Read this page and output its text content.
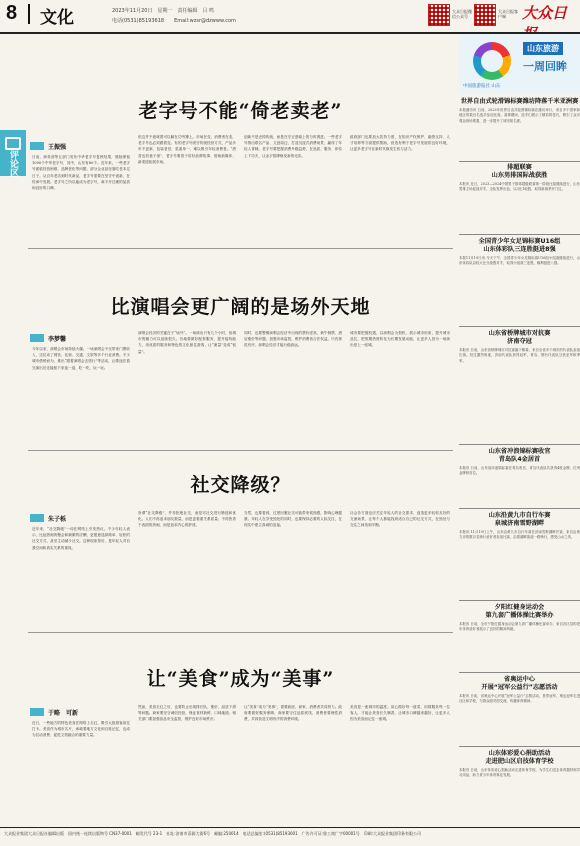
8 文化	2023年11月20日　星期一　责任编辑　吕 鸣
电话(0531)85193618　　Email:wzsr@dzwww.com
大众日报微信公众号
大众日报客户端	大众日
评论区
老字号不能“倚老卖老”
王振强
日前，商务部等五部门发布中华老字号复核结果，继续保留1000个中华老字号，其中，山东有60个。近年来，一些老字号面临经营困难、品牌老化等问题，部分企业甚至靠吃老本过日子。从百年老店到时代新品，老字号需要在坚守中创新，在传承中发展。老字号之所以能成为老字号，离不开过硬的品质和良好的口碑。
但这并不意味着可以躺在功劳簿上。市场在变，消费者在变，老字号也必须跟着变。有的老字号固守传统经营方式，产品多年不更新，包装老旧，渠道单一，难以吸引年轻消费者。“酒香也怕巷子深”，老字号要善于讲好品牌故事，借助新媒体、新渠道拓展市场。
创新不是丢掉传统，而是在守正基础上的与时俱进。一些老字号推出联名产品、文创周边，打造沉浸式消费场景，赢得了年轻人青睐。老字号要把握消费升级趋势，在品质、服务、体验上下功夫，让金字招牌焕发新的光彩。
政府部门也要加大扶持力度，在知识产权保护、融资支持、人才培养等方面提供帮助，营造有利于老字号发展的良好环境，让更多老字号在新时代焕发生机与活力。
比演唱会更广阔的是场外天地
李梦馨
今年以来，演唱会市场持续火爆。一场演唱会不仅带来门票收入，还拉动了餐饮、住宿、交通、文旅等多个行业消费。不少城市借势而为，推出“跟着演唱会去旅行”等活动，让歌迷在看完演出后还能留下来逛一逛、吃一吃、玩一玩。
演唱会经济的关键在于“场外”。一场演出只有几个小时，但城市的魅力可以延续很久。各地要做好配套服务，提升接待能力，用优质的服务和特色的文化留住游客，让“流量”变成“留量”。
同时，也要警惕演唱会经济中出现的票价虚高、黄牛倒票、酒店涨价等问题，加强市场监管，维护消费者合法权益。只有规范有序，演唱会经济才能行稳致远。
城市要把握机遇，以演唱会为契机，展示城市形象，提升城市品位，把短期热度转化为长期发展动能，让更多人因为一场演出爱上一座城。
社交降级？
朱子栎
近年来，“社交降级”一词在网络上引发热议。不少年轻人表示，比起热闹的聚会和频繁的应酬，更愿意选择简单、轻松的社交方式，甚至主动减少社交。这种现象背后，是年轻人对自我空间和真实关系的重视。
所谓“社交降级”，并非拒绝社交，而是对社交进行筛选和优化。人们不再追求朋友数量，而是更看重关系质量；不再热衷于表面的热闹，而是追求内心的舒适。
当然，也要看到，过度回避社交可能带来孤独感，影响心理健康。年轻人在享受独处的同时，也要保持必要的人际交往，在现实中建立真诚的连接。
社会各方面也应关注年轻人的社交需求，创造更多轻松友好的交流场景，让每个人都能找到适合自己的社交方式，在独处与交往之间找到平衡。
让“美食”成为“美事”
于略　可新
近日，一些地方的特色美食在网络上走红，吸引大批游客前往打卡。美食作为城市名片，承载着地方文化和百姓记忆，也成为拉动消费、促进文旅融合的重要力量。
然而，美食走红之后，也要防止出现排长队、涨价、品质下滑等问题。商家要坚守诚信经营，保证食材新鲜、口味地道；相关部门要加强食品安全监管，维护良好市场秩序。
让“美食”成为“美事”，需要政府、商家、消费者共同努力。政府要做好服务保障，商家要守住品质底线，消费者要理性消费，共同营造文明有序的消费环境。
美食是一座城市的温度。用心做好每一道菜，用情服务每一位客人，才能让美食长久飘香，让城市口碑越来越好，让更多人因为美食而记住一座城。
山东旅游
一周回眸
中国旅游报社 山东
世界自由式轮滑锦标赛潍坊降落千米亚洲赛
本报潍坊讯 日前，2023年世界自由式轮滑锦标赛在潍坊举行，来自多个国家和地区的数百名选手参加比赛。赛事期间，选手们展示了精彩的技巧，吸引了众多观众现场观看，进一步提升了城市知名度。
排超联赛
山东男排国际战获胜
本报讯 近日，2023—2024中国男子排球超级联赛第一阶段比赛继续进行，山东男排主场迎战对手，全队发挥出色，以3比1取胜，取得新赛季开门红。
全国青少年女足锦标赛U16组
山东体彩队三连胜挺进8强
本报11月19日讯 今天下午，全国青少年女足锦标赛U16组小组赛继续进行，山东体彩队以较大比分战胜对手，取得小组赛三连胜，顺利挺进八强。
山东省桥牌城市对抗赛
济南夺冠
本报讯 日前，山东省桥牌城市对抗赛落下帷幕，来自全省多个城市的代表队参加比赛。经过激烈角逐，济南代表队获得冠军，青岛、烟台代表队分获亚军和季军。
山东省冲浪锦标赛收官
青岛队4金居首
本报讯 日前，山东省冲浪锦标赛在青岛收官，青岛代表队共获得4枚金牌，位列金牌榜首位。
山东沿黄九市自行车赛
泉城济南雪野湖畔
本报讯 11月19日上午，山东沿黄九市自行车赛在济南雪野湖畔开赛，来自沿黄九市的数百名骑行爱好者参加比赛，沿着湖畔赛道一路骑行，感受山水之美。
夕阳红健身运动会
第九套广播体操比赛举办
本报讯 日前，全市夕阳红健身运动会第九套广播体操比赛举办，来自各区县的老年体育爱好者展示了良好的精神风貌。
省奥运中心
开展“冠军公益行”志愿活动
本报讯 日前，省奥运中心开展“冠军公益行”志愿活动，世界冠军、奥运冠军走进社区和学校，与群众面对面交流，传播体育精神。
山东体彩爱心捐助活动
走进肥山区启技体育学校
本报讯 日前，山东体彩爱心捐助活动走进体育学校，为学生们送去体育器材和学习用品，助力青少年体育事业发展。
大众报业集团大众日报社编辑出版　国内统一连续出版物号 CN37-0001　邮发代号 23-1　社址:济南市泺源大街6号　邮编:250014　电话总编室:(0531)85193001　广告许可证:鲁工商广字00001号　印刷:大众报业集团印务有限公司
